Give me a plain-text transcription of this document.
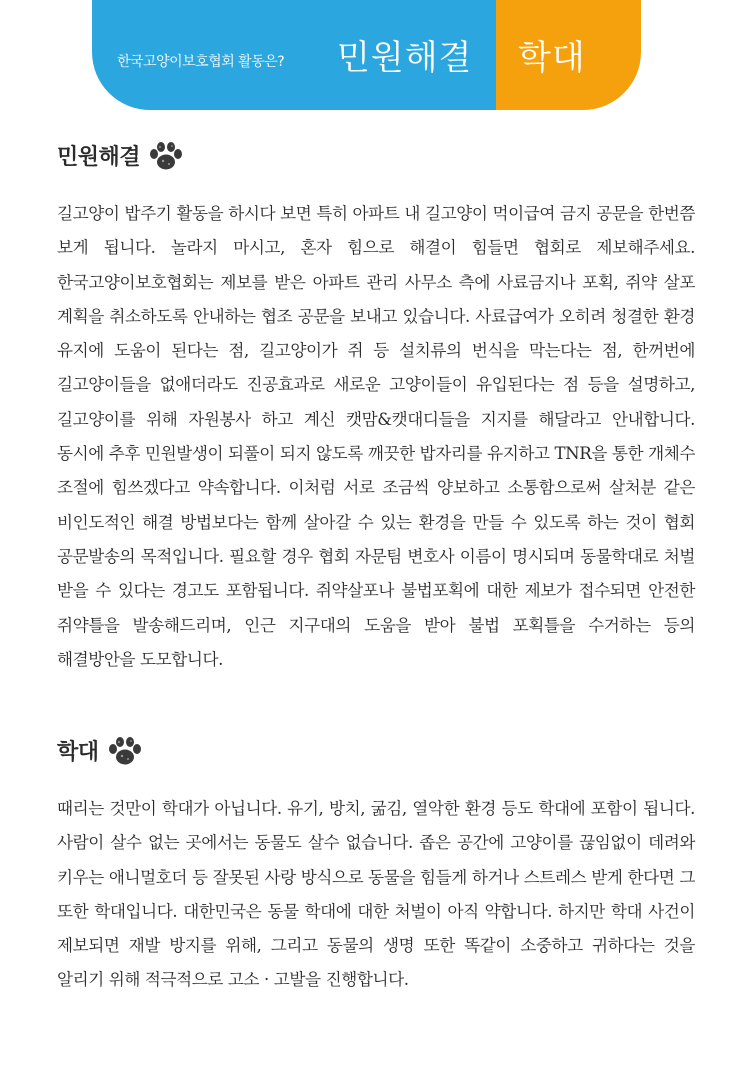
한국고양이보호협회 활동은? 민원해결 학대
민원해결

길고양이 밥주기 활동을 하시다 보면 특히 아파트 내 길고양이 먹이급여 금지 공문을 한번쯤 보게 됩니다. 놀라지 마시고, 혼자 힘으로 해결이 힘들면 협회로 제보해주세요. 한국고양이보호협회는 제보를 받은 아파트 관리 사무소 측에 사료금지나 포획, 쥐약 살포 계획을 취소하도록 안내하는 협조 공문을 보내고 있습니다. 사료급여가 오히려 청결한 환경 유지에 도움이 된다는 점, 길고양이가 쥐 등 설치류의 번식을 막는다는 점, 한꺼번에 길고양이들을 없애더라도 진공효과로 새로운 고양이들이 유입된다는 점 등을 설명하고, 길고양이를 위해 자원봉사 하고 계신 캣맘&캣대디들을 지지를 해달라고 안내합니다. 동시에 추후 민원발생이 되풀이 되지 않도록 깨끗한 밥자리를 유지하고 TNR을 통한 개체수 조절에 힘쓰겠다고 약속합니다. 이처럼 서로 조금씩 양보하고 소통함으로써 살처분 같은 비인도적인 해결 방법보다는 함께 살아갈 수 있는 환경을 만들 수 있도록 하는 것이 협회 공문발송의 목적입니다. 필요할 경우 협회 자문팀 변호사 이름이 명시되며 동물학대로 처벌 받을 수 있다는 경고도 포함됩니다. 쥐약살포나 불법포획에 대한 제보가 접수되면 안전한 쥐약틀을 발송해드리며, 인근 지구대의 도움을 받아 불법 포획틀을 수거하는 등의 해결방안을 도모합니다.

학대

때리는 것만이 학대가 아닙니다. 유기, 방치, 굶김, 열악한 환경 등도 학대에 포함이 됩니다. 사람이 살수 없는 곳에서는 동물도 살수 없습니다. 좁은 공간에 고양이를 끊임없이 데려와 키우는 애니멀호더 등 잘못된 사랑 방식으로 동물을 힘들게 하거나 스트레스 받게 한다면 그 또한 학대입니다. 대한민국은 동물 학대에 대한 처벌이 아직 약합니다. 하지만 학대 사건이 제보되면 재발 방지를 위해, 그리고 동물의 생명 또한 똑같이 소중하고 귀하다는 것을 알리기 위해 적극적으로 고소 · 고발을 진행합니다.
